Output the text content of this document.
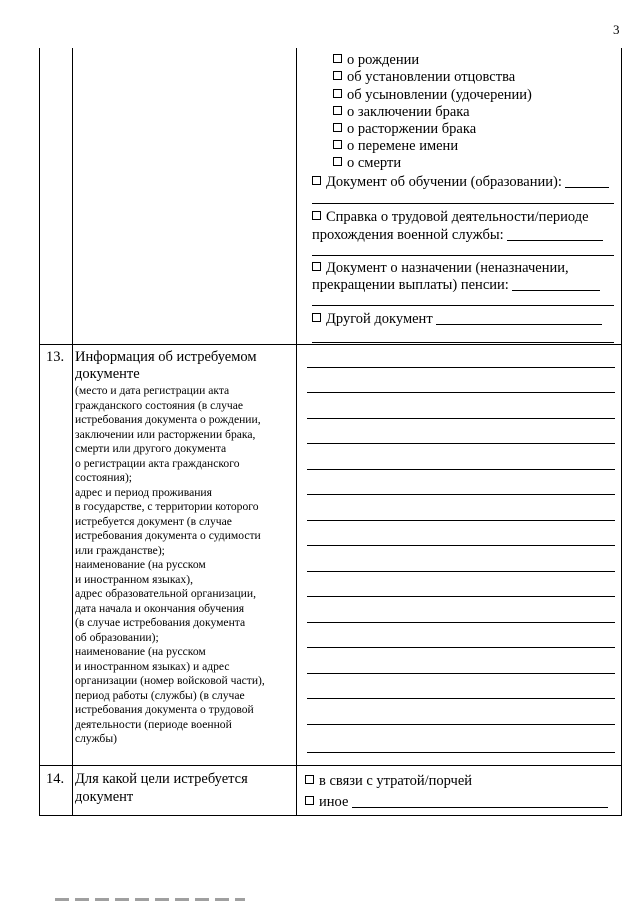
3
о рождении
об установлении отцовства
об усыновлении (удочерении)
о заключении брака
о расторжении брака
о перемене имени
о смерти
Документ об обучении (образовании):
Справка о трудовой деятельности/периоде
прохождения военной службы:
Документ о назначении (неназначении,
прекращении выплаты) пенсии:
Другой документ
13. Информация об истребуемом
документе
(место и дата регистрации акта
гражданского состояния (в случае
истребования документа о рождении,
заключении или расторжении брака,
смерти или другого документа
о регистрации акта гражданского
состояния);
адрес и период проживания
в государстве, с территории которого
истребуется документ (в случае
истребования документа о судимости
или гражданстве);
наименование (на русском
и иностранном языках),
адрес образовательной организации,
дата начала и окончания обучения
(в случае истребования документа
об образовании);
наименование (на русском
и иностранном языках) и адрес
организации (номер войсковой части),
период работы (службы) (в случае
истребования документа о трудовой
деятельности (периоде военной
службы)
14. Для какой цели истребуется
документ
в связи с утратой/порчей
иное
